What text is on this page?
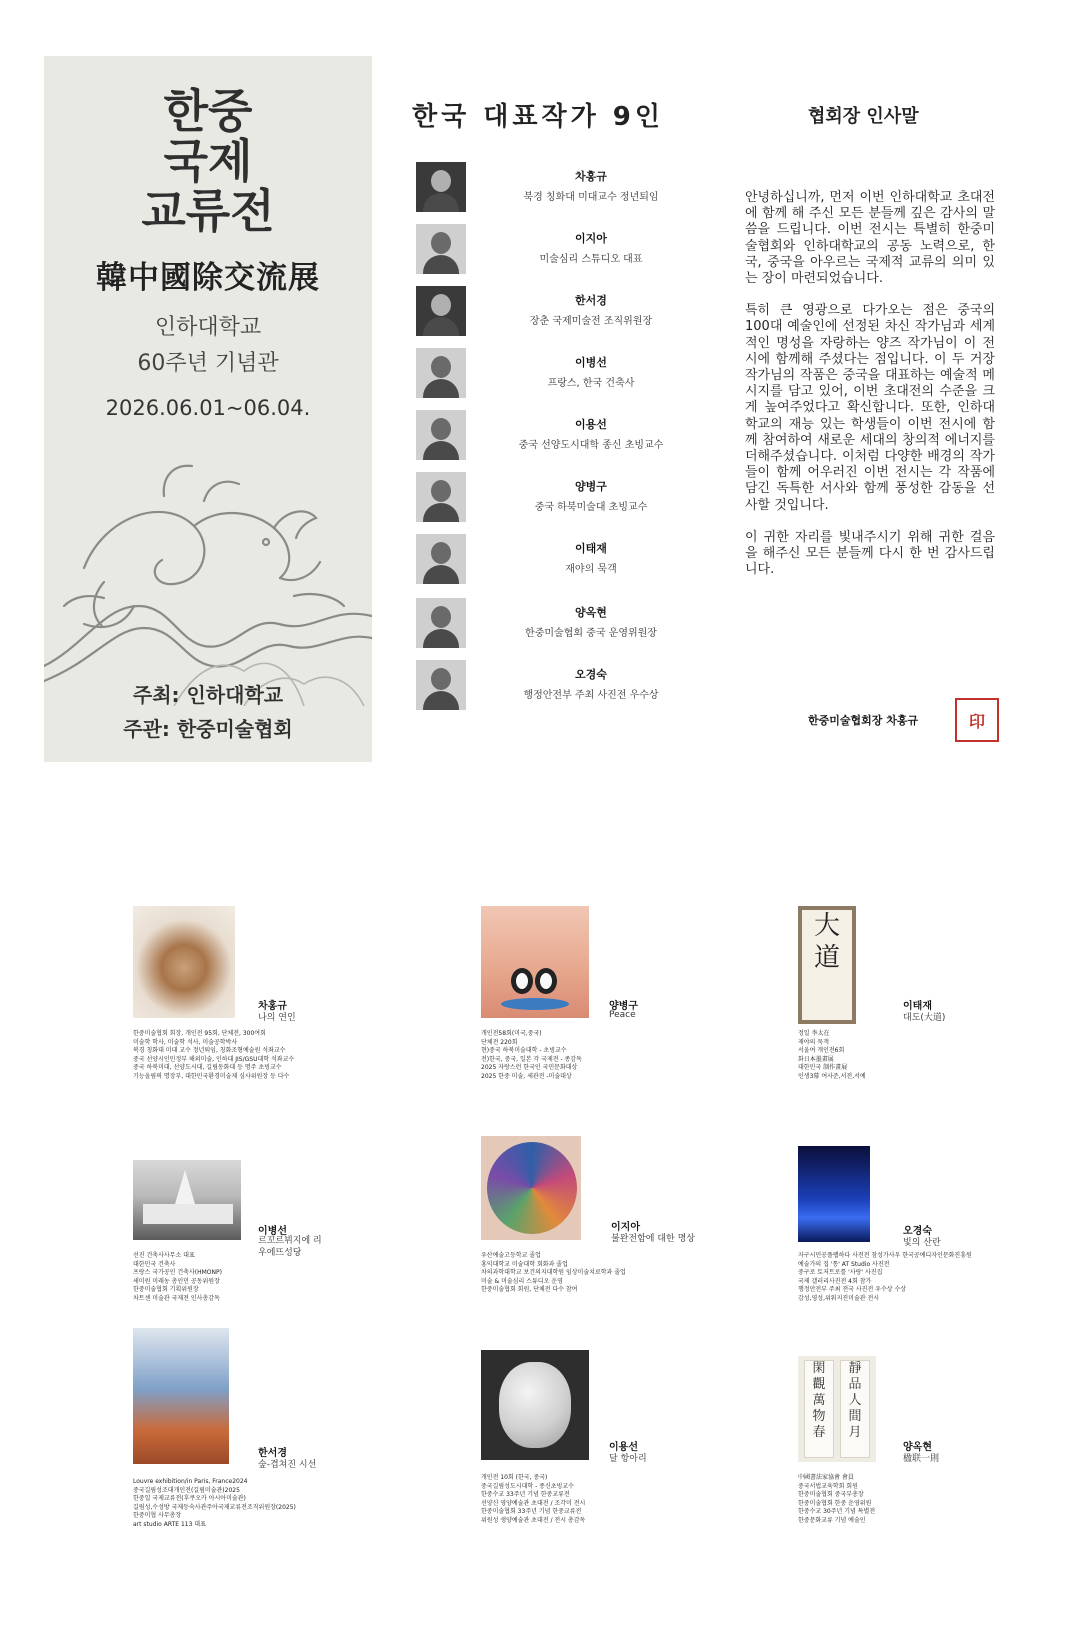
한중
국제
교류전
韓中國除交流展
인하대학교
60주년 기념관
2026.06.01~06.04.
주최: 인하대학교
주관: 한중미술협회
한국 대표작가 9인
차홍규
북경 칭화대 미대교수 정년퇴임
이지아
미술심리 스튜디오 대표
한서경
장춘 국제미술전 조직위원장
이병선
프랑스, 한국 건축사
이용선
중국 선양도시대학 종신 초빙교수
양병구
중국 하북미술대 초빙교수
이태재
재야의 묵객
양옥현
한중미술협회 중국 운영위원장
오경숙
행정안전부 주최 사진전 우수상
협회장 인사말

안녕하십니까, 먼저 이번 인하대학교 초대전에 함께 해 주신 모든 분들께 깊은 감사의 말씀을 드립니다. 이번 전시는 특별히 한중미술협회와 인하대학교의 공동 노력으로, 한국, 중국을 아우르는 국제적 교류의 의미 있는 장이 마련되었습니다.

특히 큰 영광으로 다가오는 점은 중국의 100대 예술인에 선정된 차신 작가님과 세계적인 명성을 자랑하는 양즈 작가님이 이 전시에 함께해 주셨다는 점입니다. 이 두 거장 작가님의 작품은 중국을 대표하는 예술적 메시지를 담고 있어, 이번 초대전의 수준을 크게 높여주었다고 확신합니다. 또한, 인하대학교의 재능 있는 학생들이 이번 전시에 함께 참여하여 새로운 세대의 창의적 에너지를 더해주셨습니다. 이처럼 다양한 배경의 작가들이 함께 어우러진 이번 전시는 각 작품에 담긴 독특한 서사와 함께 풍성한 감동을 선사할 것입니다.

이 귀한 자리를 빛내주시기 위해 귀한 걸음을 해주신 모든 분들께 다시 한 번 감사드립니다.

한중미술협회장 차홍규	印
차홍규
나의 연인
한중미술협회 회장, 개인전 95회, 단체전, 300여회
미술학 학사, 미술학 석사, 미술공학박사
북경 칭화대 미대 교수 정년퇴임, 칭화조형예술원 석좌교수
중국 선양시인민정부 해외미술, 인하대 JIS/GSU대학 석좌교수
중국 하북미대, 선양도시대, 길림동화대 등 명주 초빙교수
기능올림픽 명장부, 대한민국환경미술제 심사위원장 등 다수
양병구
Peace
개인전58회(미국,중국)
단체전 220회
현)중국 하북미술대학 - 초빙교수
전)한국, 중국, 일본 각 국제전 - 종감독
2025 자랑스런 한국인 국민문화대상
2025 한중 미술, 세관전 -미술대상
大
道
이태재
대도(大道)
정일 李太在
재야의 묵객
서울여 개인전6회
화日本墨畫展
대한민국 制作畫展
인생3幕 여사준,서전,서예
이병선
르꼬르뷔지에 리우에뜨성당
선진 건축사사무소 대표
대한민국 건축사
프랑스 국가공인 건축사(HMONP)
세미원 미래농 총인민 공동위원장
한중미술협회 기획위원장
차트센 미술관 국제전 인사총감독
이지아
불완전함에 대한 명상
우산예술고등학교 졸업
홍익대학교 미술대학 회화과 졸업
차의과학대학교 보건의지대학원 임상미술치료학과 졸업
미술 & 미술심리 스튜디오 운영
한중미술협회 회원, 단체전 다수 참여
오경숙
빛의 산란
자구시민공플랩하다 사전전 참성가사우 한국공예디자인문화진흥원
예술가의 집 '통' AT Studio 사진전
중구로 토저트로를 '사랑' 사진집
국제 갤러리사진전 4회 참가
행정안전부 주최 전국 사진전 우수상 수상
감성,영성,위워지진미술관 전시
한서경
숲-겹쳐진 시선
Louvre exhibition/in Paris, France2024
중국길림성조대개인전(길림미술관)2025
한중일 국제교류전(후쿠오카 아시아미술관)
길림성,수성방 국제등숙사관주아국제교류전조직위원장(2025)
한중미협 사무총장
art studio ARTE 113 대표
이용선
달 항아리
개인전 10회 (한국, 중국)
중국길림성도시대학 - 종신초빙교수
한중수교 33주년 기념 한중교류전
선양신 영양예술관 초대전 / 조각미 전시
한중미술협회 33주년 기념 한중교류전
위원성 생양예술관 초대전 / 전시 총감독
閑
觀
萬
物
春
靜
品
人
間
月
양옥현
楹联一則
中國書法家協會 會員
중국서법교육학회 회원
한중미술협회 중국부총장
한중미술협회 한중 운영위원
한중수교 30주년 기념 특별전
한중문화교류 기념 예술인
